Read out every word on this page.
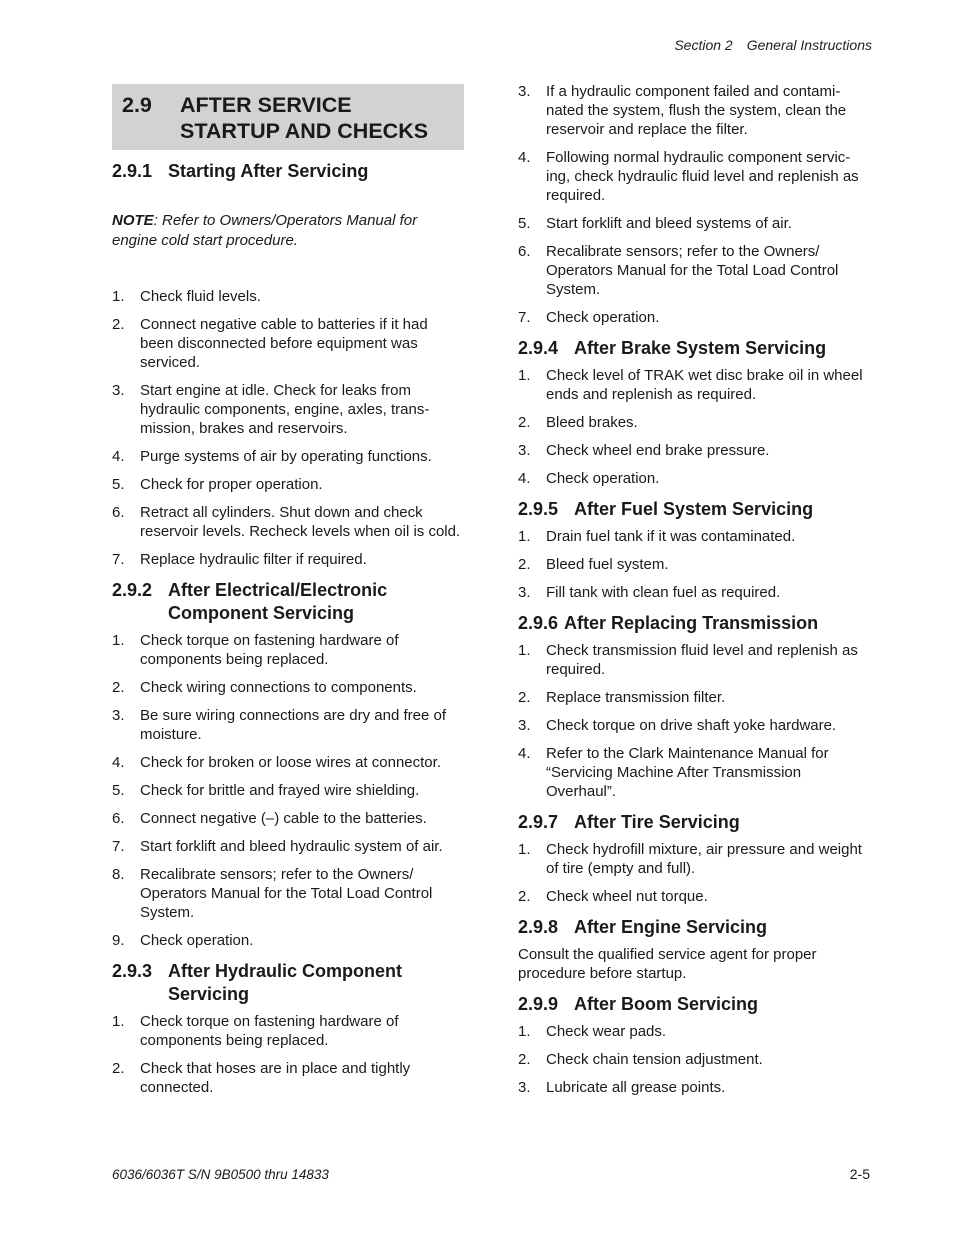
Section 2 General Instructions
2.9	AFTER SERVICE
STARTUP AND CHECKS
2.9.1 Starting After Servicing
NOTE: Refer to Owners/Operators Manual for engine cold start procedure.
1.	Check fluid levels.
2.	Connect negative cable to batteries if it had been disconnected before equipment was serviced.
3.	Start engine at idle. Check for leaks from hydraulic components, engine, axles, trans-mission, brakes and reservoirs.
4.	Purge systems of air by operating functions.
5.	Check for proper operation.
6.	Retract all cylinders. Shut down and check reservoir levels. Recheck levels when oil is cold.
7.	Replace hydraulic filter if required.
2.9.2 After Electrical/Electronic Component Servicing
1.	Check torque on fastening hardware of components being replaced.
2.	Check wiring connections to components.
3.	Be sure wiring connections are dry and free of moisture.
4.	Check for broken or loose wires at connector.
5.	Check for brittle and frayed wire shielding.
6.	Connect negative (–) cable to the batteries.
7.	Start forklift and bleed hydraulic system of air.
8.	Recalibrate sensors; refer to the Owners/ Operators Manual for the Total Load Control System.
9.	Check operation.
2.9.3 After Hydraulic Component Servicing
1.	Check torque on fastening hardware of components being replaced.
2.	Check that hoses are in place and tightly connected.
3.	If a hydraulic component failed and contami-nated the system, flush the system, clean the reservoir and replace the filter.
4.	Following normal hydraulic component servic-ing, check hydraulic fluid level and replenish as required.
5.	Start forklift and bleed systems of air.
6.	Recalibrate sensors; refer to the Owners/ Operators Manual for the Total Load Control System.
7.	Check operation.
2.9.4 After Brake System Servicing
1.	Check level of TRAK wet disc brake oil in wheel ends and replenish as required.
2.	Bleed brakes.
3.	Check wheel end brake pressure.
4.	Check operation.
2.9.5 After Fuel System Servicing
1.	Drain fuel tank if it was contaminated.
2.	Bleed fuel system.
3.	Fill tank with clean fuel as required.
2.9.6 After Replacing Transmission
1.	Check transmission fluid level and replenish as required.
2.	Replace transmission filter.
3.	Check torque on drive shaft yoke hardware.
4.	Refer to the Clark Maintenance Manual for “Servicing Machine After Transmission Overhaul”.
2.9.7 After Tire Servicing
1.	Check hydrofill mixture, air pressure and weight of tire (empty and full).
2.	Check wheel nut torque.
2.9.8 After Engine Servicing

Consult the qualified service agent for proper procedure before startup.

2.9.9 After Boom Servicing
1.	Check wear pads.
2.	Check chain tension adjustment.
3.	Lubricate all grease points.
6036/6036T S/N 9B0500 thru 14833	2-5
